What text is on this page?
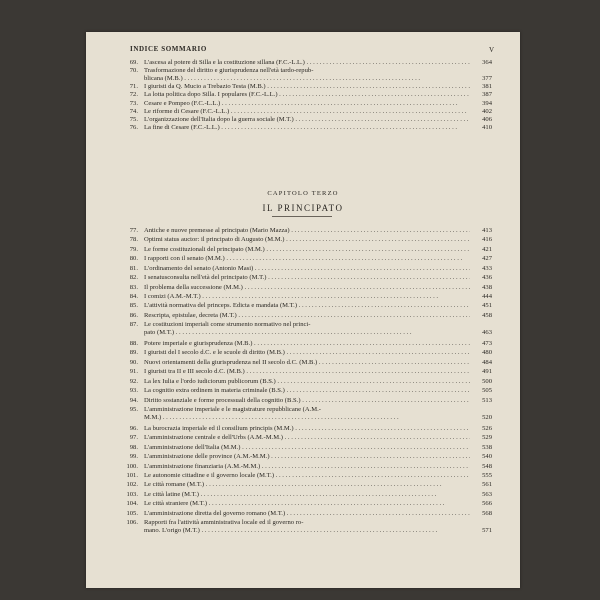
INDICE SOMMARIO	V
69. L'ascesa al potere di Silla e la costituzione sillana (F.C.-L.L.) . . .	364
70. Trasformazione del diritto e giurisprudenza nell'età tardo-repub-
blicana (M.B.) . . .	377
71. I giuristi da Q. Mucio a Trebazio Testa (M.B.) . . .	381
72. La lotta politica dopo Silla. I populares (F.C.-L.L.) . . .	387
73. Cesare e Pompeo (F.C.-L.L.) . . .	394
74. Le riforme di Cesare (F.C.-L.L.) . . .	402
75. L'organizzazione dell'Italia dopo la guerra sociale (M.T.) . . .	406
76. La fine di Cesare (F.C.-L.L.) . . .	410
CAPITOLO TERZO
IL PRINCIPATO
77. Antiche e nuove premesse al principato (Mario Mazza) . . .	413
78. Optimi status auctor: il principato di Augusto (M.M.) . . .	416
79. Le forme costituzionali del principato (M.M.) . . .	421
80. I rapporti con il senato (M.M.) . . .	427
81. L'ordinamento del senato (Antonio Masi) . . .	433
82. I senatusconsulta nell'età del principato (M.T.) . . .	436
83. Il problema della successione (M.M.) . . .	438
84. I comizi (A.M.-M.T.) . . .	444
85. L'attività normativa del princeps. Edicta e mandata (M.T.) . . .	451
86. Rescripta, epistulae, decreta (M.T.) . . .	458
87. Le costituzioni imperiali come strumento normativo nel princi-
pato (M.T.) . . .	463
88. Potere imperiale e giurisprudenza (M.B.) . . .	473
89. I giuristi del I secolo d.C. e le scuole di diritto (M.B.) . . .	480
90. Nuovi orientamenti della giurisprudenza nel II secolo d.C. (M.B.) . . .	484
91. I giuristi tra II e III secolo d.C. (M.B.) . . .	491
92. La lex Iulia e l'ordo iudiciorum publicorum (B.S.) . . .	500
93. La cognitio extra ordinem in materia criminale (B.S.) . . .	505
94. Diritto sostanziale e forme processuali della cognitio (B.S.) . . .	513
95. L'amministrazione imperiale e le magistrature repubblicane (A.M.-
M.M.) . . .	520
96. La burocrazia imperiale ed il consilium principis (M.M.) . . .	526
97. L'amministrazione centrale e dell'Urbs (A.M.-M.M.) . . .	529
98. L'amministrazione dell'Italia (M.M.) . . .	538
99. L'amministrazione delle province (A.M.-M.M.) . . .	540
100. L'amministrazione finanziaria (A.M.-M.M.) . . .	548
101. Le autonomie cittadine e il governo locale (M.T.) . . .	555
102. Le città romane (M.T.) . . .	561
103. Le città latine (M.T.) . . .	563
104. Le città straniere (M.T.) . . .	566
105. L'amministrazione diretta del governo romano (M.T.) . . .	568
106. Rapporti fra l'attività amministrativa locale ed il governo ro-
mano. L'origo (M.T.) . . .	571
